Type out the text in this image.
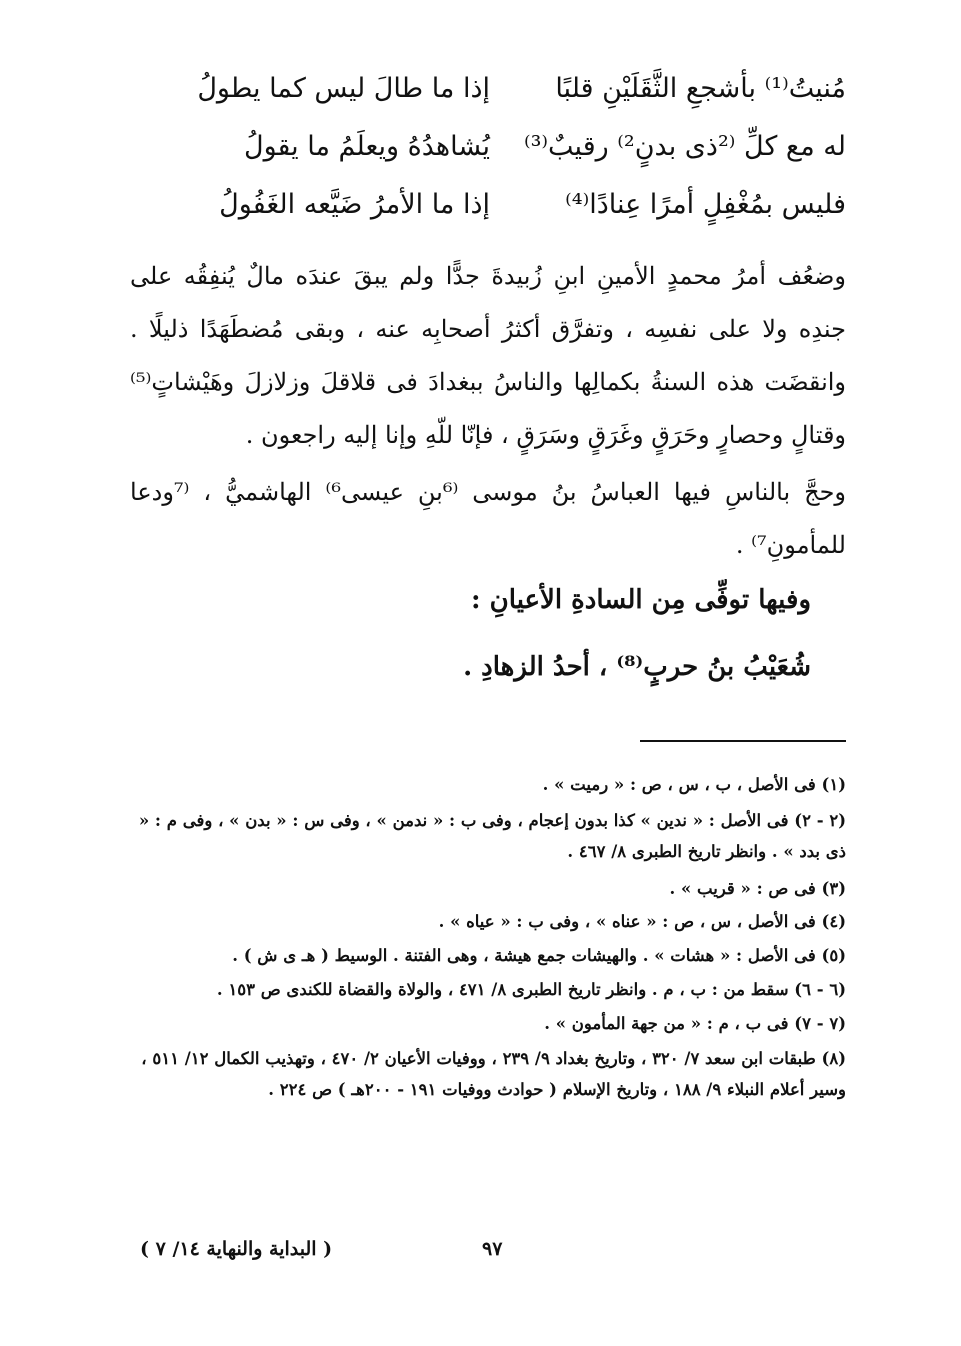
مُنيتُ⁽¹⁾ بأشجعِ الثَّقَلَيْنِ قلبًا
إذا ما طالَ ليس كما يطولُ
له مع كلِّ ⁽²ذى بدنٍ²⁾ رقيبٌ⁽³⁾
يُشاهدُهُ ويعلَمُ ما يقولُ
فليس بمُغْفِلٍ أمرًا عِنادًا⁽⁴⁾
إذا ما الأمرُ ضَيَّعه الغَفُولُ
وضعُف أمرُ محمدٍ الأمينِ ابنِ زُبيدةَ جدًّا ولم يبقَ عندَه مالٌ يُنفِقُه على جندِه ولا على نفسِه ، وتفرَّق أكثرُ أصحابِه عنه ، وبقى مُضطَهَدًا ذليلًا . وانقضَت هذه السنةُ بكمالِها والناسُ ببغدادَ فى قلاقلَ وزلازلَ وهَيْشاتٍ⁽⁵⁾ وقتالٍ وحصارٍ وحَرَقٍ وغَرَقٍ وسَرَقٍ ، فإنّا للّهِ وإنا إليه راجعون .
وحجَّ بالناسِ فيها العباسُ بنُ موسى ⁽⁶بنِ عيسى⁶⁾ الهاشميُّ ، ⁽⁷ودعا للمأمونِ⁷⁾ .
وفيها توفِّى مِن السادةِ الأعيانِ :
شُعَيْبُ بنُ حربٍ⁽⁸⁾ ، أحدُ الزهادِ .
(١) فى الأصل ، ب ، س ، ص : « رميت » .
(٢ - ٢) فى الأصل : « ندين » كذا بدون إعجام ، وفى ب : « ندمن » ، وفى س : « بدن » ، وفى م : « ذى بدد » . وانظر تاريخ الطبرى ٨/ ٤٦٧ .
(٣) فى ص : « قريب » .
(٤) فى الأصل ، س ، ص : « عناه » ، وفى ب : « عياه » .
(٥) فى الأصل : « هشات » . والهيشات جمع هيشة ، وهى الفتنة . الوسيط ( هـ ى ش ) .
(٦ - ٦) سقط من : ب ، م . وانظر تاريخ الطبرى ٨/ ٤٧١ ، والولاة والقضاة للكندى ص ١٥٣ .
(٧ - ٧) فى ب ، م : « من جهة المأمون » .
(٨) طبقات ابن سعد ٧/ ٣٢٠ ، وتاريخ بغداد ٩/ ٢٣٩ ، ووفيات الأعيان ٢/ ٤٧٠ ، وتهذيب الكمال ١٢/ ٥١١ ، وسير أعلام النبلاء ٩/ ١٨٨ ، وتاريخ الإسلام ( حوادث ووفيات ١٩١ - ٢٠٠هـ ) ص ٢٢٤ .
٩٧
( البداية والنهاية ١٤/ ٧ )
